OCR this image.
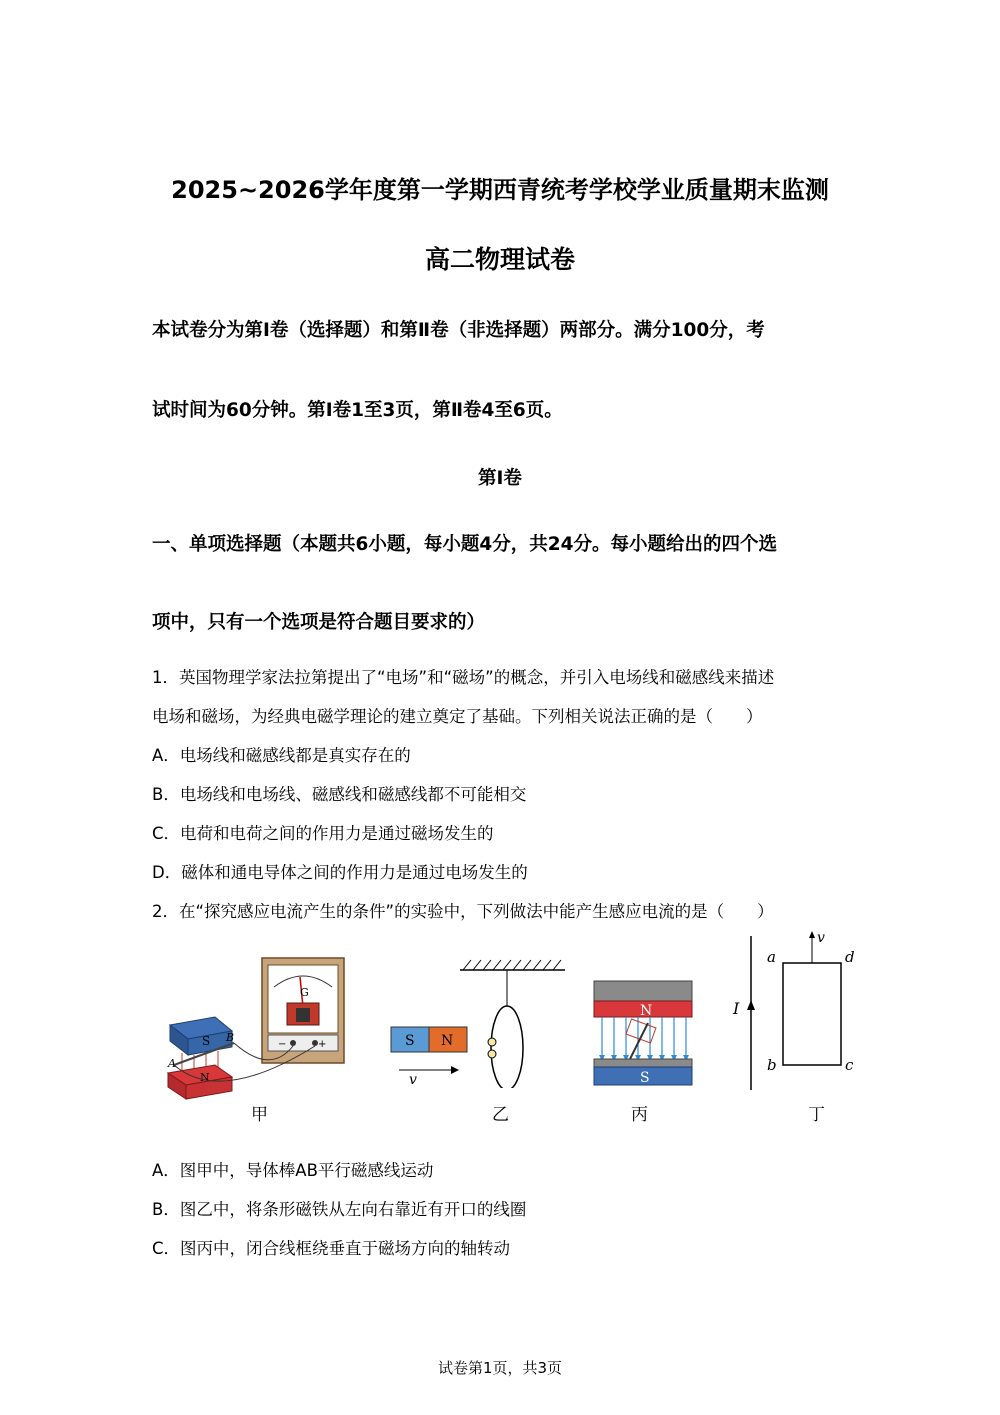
2025~2026学年度第一学期西青统考学校学业质量期末监测
高二物理试卷
本试卷分为第Ⅰ卷（选择题）和第Ⅱ卷（非选择题）两部分。满分100分，考
试时间为60分钟。第Ⅰ卷1至3页，第Ⅱ卷4至6页。
第Ⅰ卷
一、单项选择题（本题共6小题，每小题4分，共24分。每小题给出的四个选
项中，只有一个选项是符合题目要求的）
1．英国物理学家法拉第提出了“电场”和“磁场”的概念，并引入电场线和磁感线来描述
电场和磁场，为经典电磁学理论的建立奠定了基础。下列相关说法正确的是（　　）
A．电场线和磁感线都是真实存在的
B．电场线和电场线、磁感线和磁感线都不可能相交
C．电荷和电荷之间的作用力是通过磁场发生的
D．磁体和通电导体之间的作用力是通过电场发生的
2．在“探究感应电流产生的条件”的实验中，下列做法中能产生感应电流的是（　　）
G
−	+
S
A
B
N
S N
v
N
S
I
v
a	d
b	c
甲	乙	丙	丁
A．图甲中，导体棒AB平行磁感线运动
B．图乙中，将条形磁铁从左向右靠近有开口的线圈
C．图丙中，闭合线框绕垂直于磁场方向的轴转动
试卷第1页，共3页
